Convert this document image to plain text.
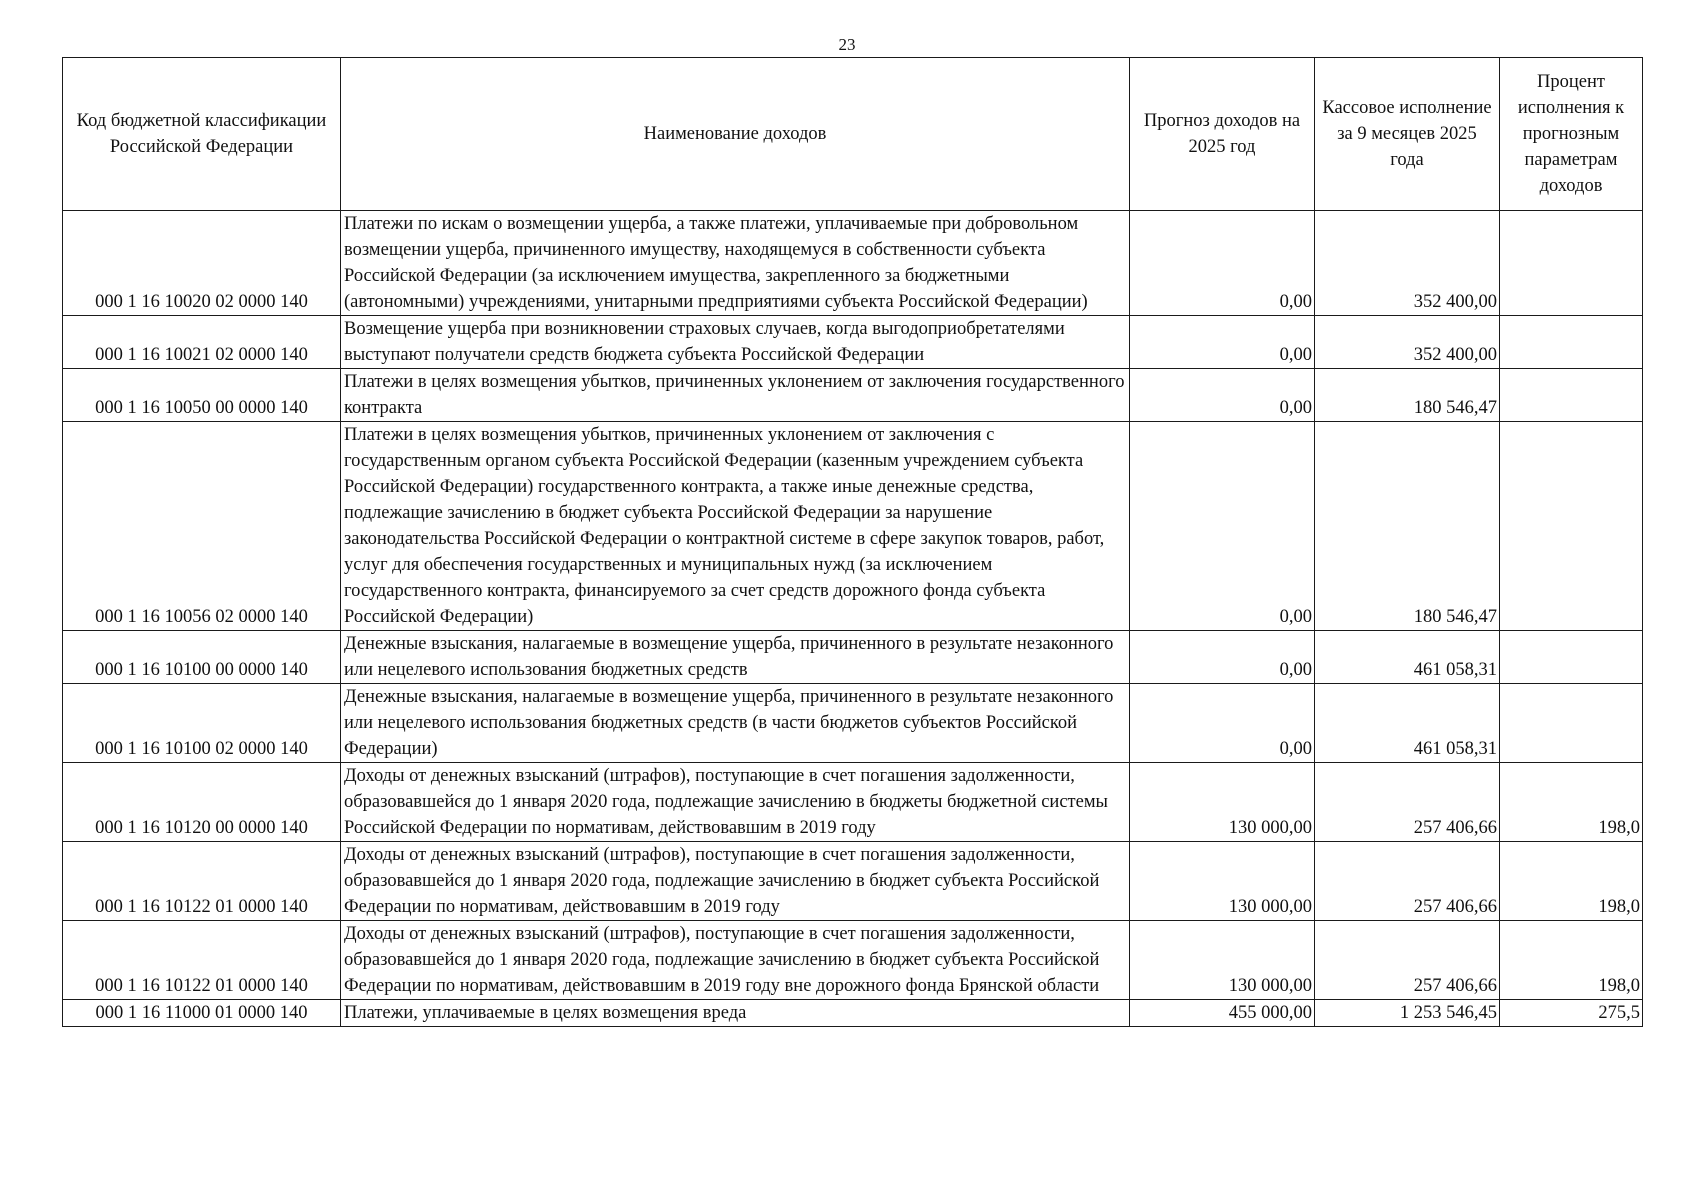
23
Код бюджетной классификации Российской Федерации	Наименование доходов	Прогноз доходов на 2025 год	Кассовое исполнение за 9 месяцев 2025 года	Процент исполнения к прогнозным параметрам доходов
000 1 16 10020 02 0000 140	Платежи по искам о возмещении ущерба, а также платежи, уплачиваемые при добровольном возмещении ущерба, причиненного имуществу, находящемуся в собственности субъекта Российской Федерации (за исключением имущества, закрепленного за бюджетными (автономными) учреждениями, унитарными предприятиями субъекта Российской Федерации)	0,00	352 400,00	
000 1 16 10021 02 0000 140	Возмещение ущерба при возникновении страховых случаев, когда выгодоприобретателями выступают получатели средств бюджета субъекта Российской Федерации	0,00	352 400,00	
000 1 16 10050 00 0000 140	Платежи в целях возмещения убытков, причиненных уклонением от заключения государственного контракта	0,00	180 546,47	
000 1 16 10056 02 0000 140	Платежи в целях возмещения убытков, причиненных уклонением от заключения с государственным органом субъекта Российской Федерации (казенным учреждением субъекта Российской Федерации) государственного контракта, а также иные денежные средства, подлежащие зачислению в бюджет субъекта Российской Федерации за нарушение законодательства Российской Федерации о контрактной системе в сфере закупок товаров, работ, услуг для обеспечения государственных и муниципальных нужд (за исключением государственного контракта, финансируемого за счет средств дорожного фонда субъекта Российской Федерации)	0,00	180 546,47	
000 1 16 10100 00 0000 140	Денежные взыскания, налагаемые в возмещение ущерба, причиненного в результате незаконного или нецелевого использования бюджетных средств	0,00	461 058,31	
000 1 16 10100 02 0000 140	Денежные взыскания, налагаемые в возмещение ущерба, причиненного в результате незаконного или нецелевого использования бюджетных средств (в части бюджетов субъектов Российской Федерации)	0,00	461 058,31	
000 1 16 10120 00 0000 140	Доходы от денежных взысканий (штрафов), поступающие в счет погашения задолженности, образовавшейся до 1 января 2020 года, подлежащие зачислению в бюджеты бюджетной системы Российской Федерации по нормативам, действовавшим в 2019 году	130 000,00	257 406,66	198,0
000 1 16 10122 01 0000 140	Доходы от денежных взысканий (штрафов), поступающие в счет погашения задолженности, образовавшейся до 1 января 2020 года, подлежащие зачислению в бюджет субъекта Российской Федерации по нормативам, действовавшим в 2019 году	130 000,00	257 406,66	198,0
000 1 16 10122 01 0000 140	Доходы от денежных взысканий (штрафов), поступающие в счет погашения задолженности, образовавшейся до 1 января 2020 года, подлежащие зачислению в бюджет субъекта Российской Федерации по нормативам, действовавшим в 2019 году вне дорожного фонда Брянской области	130 000,00	257 406,66	198,0
000 1 16 11000 01 0000 140	Платежи, уплачиваемые в целях возмещения вреда	455 000,00	1 253 546,45	275,5
